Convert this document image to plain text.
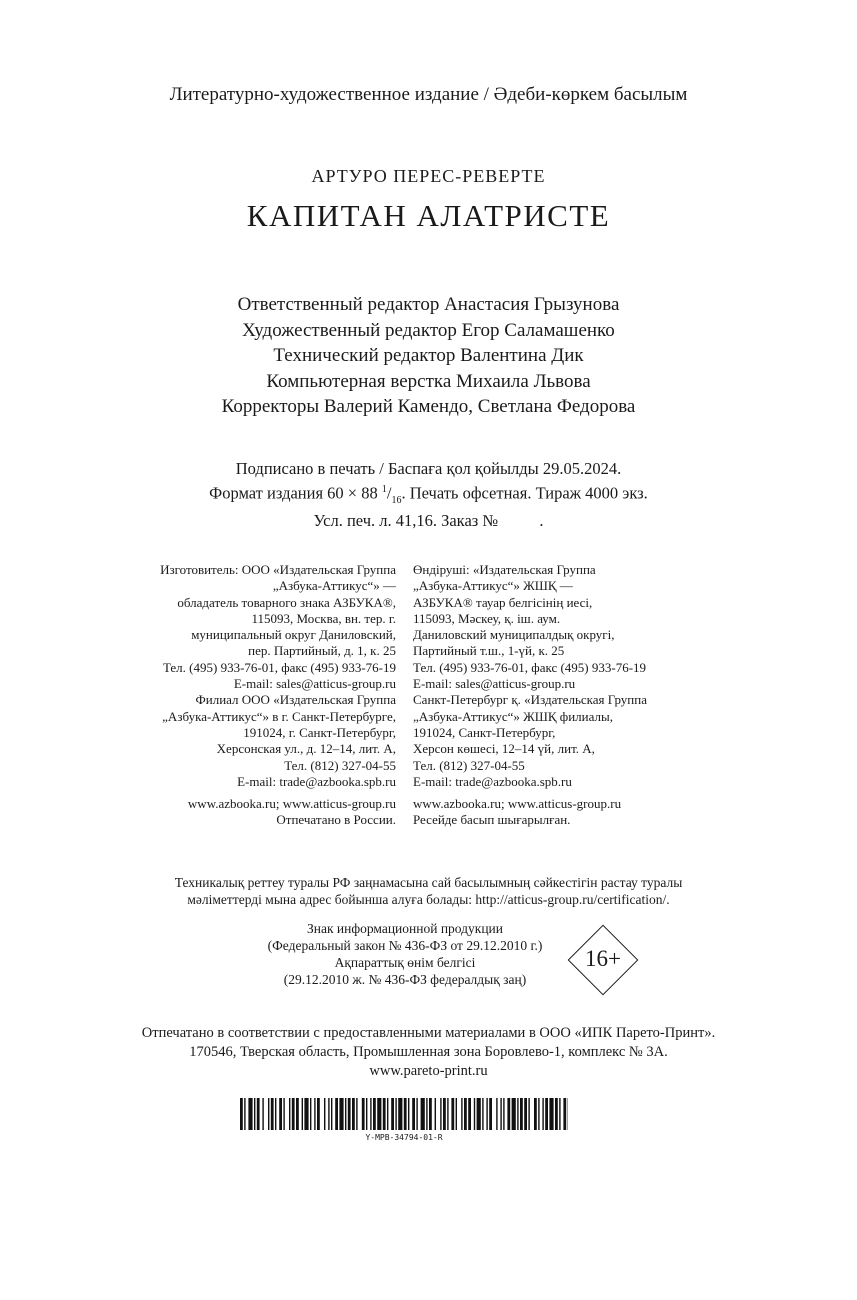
Литературно-художественное издание / Әдеби-көркем басылым
АРТУРО ПЕРЕС-РЕВЕРТЕ
КАПИТАН АЛАТРИСТЕ
Ответственный редактор Анастасия Грызунова
Художественный редактор Егор Саламашенко
Технический редактор Валентина Дик
Компьютерная верстка Михаила Львова
Корректоры Валерий Камендо, Светлана Федорова
Подписано в печать / Баспаға қол қойылды 29.05.2024.
Формат издания 60 × 88 $^1/_{16}$. Печать офсетная. Тираж 4000 экз.
Усл. печ. л. 41,16. Заказ №          .
Изготовитель: ООО «Издательская Группа
„Азбука-Аттикус“» —
обладатель товарного знака АЗБУКА®,
115093, Москва, вн. тер. г.
муниципальный округ Даниловский,
пер. Партийный, д. 1, к. 25
Тел. (495) 933-76-01, факс (495) 933-76-19
E-mail: sales@atticus-group.ru
Филиал ООО «Издательская Группа
„Азбука-Аттикус“» в г. Санкт-Петербурге,
191024, г. Санкт-Петербург,
Херсонская ул., д. 12–14, лит. А,
Тел. (812) 327-04-55
E-mail: trade@azbooka.spb.ru
www.azbooka.ru; www.atticus-group.ru
Отпечатано в России.
Өндіруші: «Издательская Группа
„Азбука-Аттикус“» ЖШҚ —
АЗБУКА® тауар белгісінің иесі,
115093, Мәскеу, қ. іш. аум.
Даниловский муниципалдық округі,
Партийный т.ш., 1-үй, к. 25
Тел. (495) 933-76-01, факс (495) 933-76-19
E-mail: sales@atticus-group.ru
Санкт-Петербург қ. «Издательская Группа
„Азбука-Аттикус“» ЖШҚ филиалы,
191024, Санкт-Петербург,
Херсон көшесі, 12–14 үй, лит. А,
Тел. (812) 327-04-55
E-mail: trade@azbooka.spb.ru
www.azbooka.ru; www.atticus-group.ru
Ресейде басып шығарылған.
Техникалық реттеу туралы РФ заңнамасына сай басылымның сәйкестігін растау туралы
мәліметтерді мына адрес бойынша алуға болады: http://atticus-group.ru/certification/.
Знак информационной продукции
(Федеральный закон № 436-ФЗ от 29.12.2010 г.)
Ақпараттық өнім белгісі
(29.12.2010 ж. № 436-ФЗ федералдық заң)
16+
Отпечатано в соответствии с предоставленными материалами в ООО «ИПК Парето-Принт».
170546, Тверская область, Промышленная зона Боровлево-1, комплекс № 3А.
www.pareto-print.ru
Y-MPB-34794-01-R
